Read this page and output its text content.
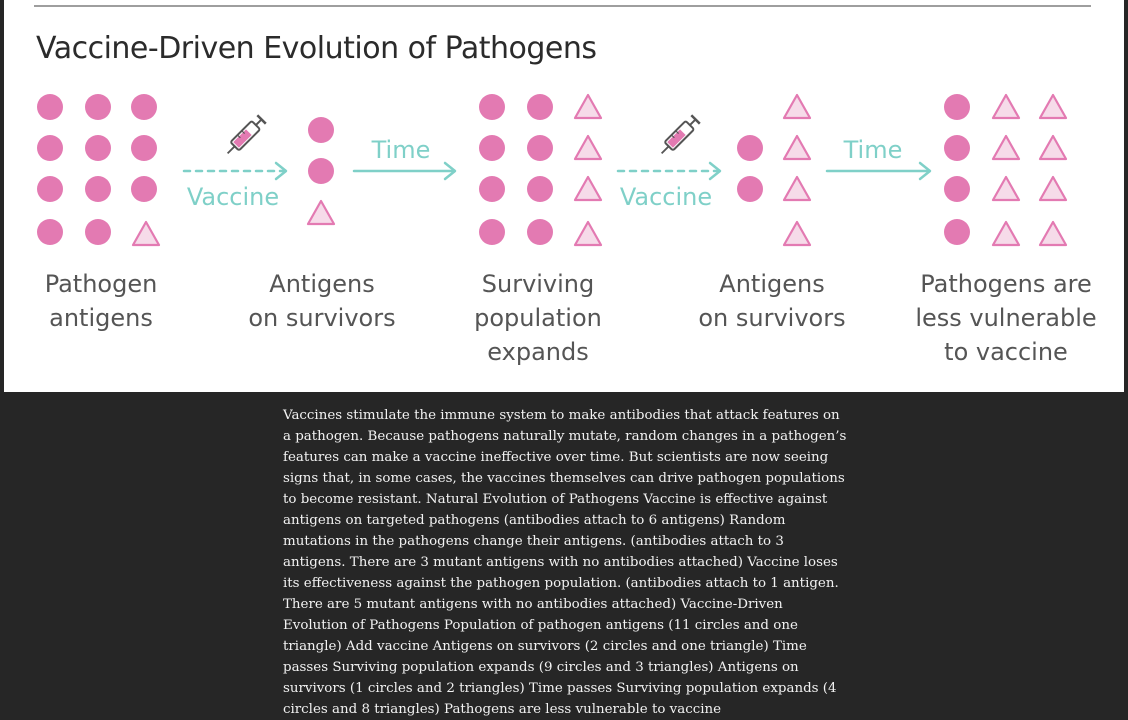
Vaccine-Driven Evolution of Pathogens
Vaccine
Time
Vaccine
Time
Pathogen
antigens
Antigens
on survivors
Surviving
population
expands
Antigens
on survivors
Pathogens are
less vulnerable
to vaccine

Vaccines stimulate the immune system to make antibodies that attack features on a pathogen. Because pathogens naturally mutate, random changes in a pathogen’s features can make a vaccine ineffective over time. But scientists are now seeing signs that, in some cases, the vaccines themselves can drive pathogen populations to become resistant. Natural Evolution of Pathogens Vaccine is effective against antigens on targeted pathogens (antibodies attach to 6 antigens) Random mutations in the pathogens change their antigens. (antibodies attach to 3 antigens. There are 3 mutant antigens with no antibodies attached) Vaccine loses its effectiveness against the pathogen population. (antibodies attach to 1 antigen. There are 5 mutant antigens with no antibodies attached) Vaccine-Driven Evolution of Pathogens Population of pathogen antigens (11 circles and one triangle) Add vaccine Antigens on survivors (2 circles and one triangle) Time passes Surviving population expands (9 circles and 3 triangles) Antigens on survivors (1 circles and 2 triangles) Time passes Surviving population expands (4 circles and 8 triangles) Pathogens are less vulnerable to vaccine
